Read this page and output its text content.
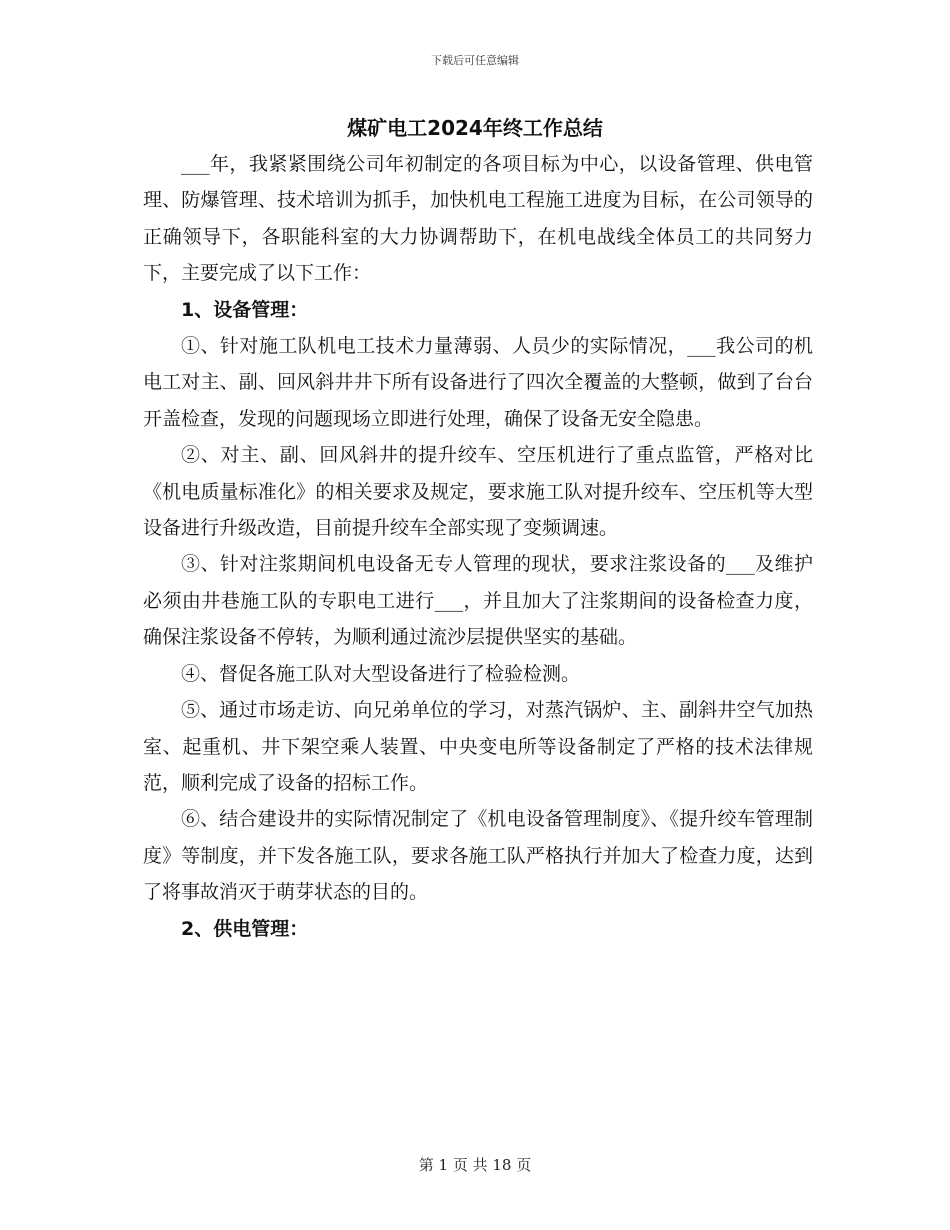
下载后可任意编辑
煤矿电工2024年终工作总结

___年，我紧紧围绕公司年初制定的各项目标为中心，以设备管理、供电管理、防爆管理、技术培训为抓手，加快机电工程施工进度为目标，在公司领导的正确领导下，各职能科室的大力协调帮助下，在机电战线全体员工的共同努力下，主要完成了以下工作：

1、设备管理：

①、针对施工队机电工技术力量薄弱、人员少的实际情况，___我公司的机电工对主、副、回风斜井井下所有设备进行了四次全覆盖的大整顿，做到了台台开盖检查，发现的问题现场立即进行处理，确保了设备无安全隐患。

②、对主、副、回风斜井的提升绞车、空压机进行了重点监管，严格对比《机电质量标准化》的相关要求及规定，要求施工队对提升绞车、空压机等大型设备进行升级改造，目前提升绞车全部实现了变频调速。

③、针对注浆期间机电设备无专人管理的现状，要求注浆设备的___及维护必须由井巷施工队的专职电工进行___，并且加大了注浆期间的设备检查力度，确保注浆设备不停转，为顺利通过流沙层提供坚实的基础。

④、督促各施工队对大型设备进行了检验检测。

⑤、通过市场走访、向兄弟单位的学习，对蒸汽锅炉、主、副斜井空气加热室、起重机、井下架空乘人装置、中央变电所等设备制定了严格的技术法律规范，顺利完成了设备的招标工作。

⑥、结合建设井的实际情况制定了《机电设备管理制度》、《提升绞车管理制度》等制度，并下发各施工队，要求各施工队严格执行并加大了检查力度，达到了将事故消灭于萌芽状态的目的。

2、供电管理：

第 1 页 共 18 页
